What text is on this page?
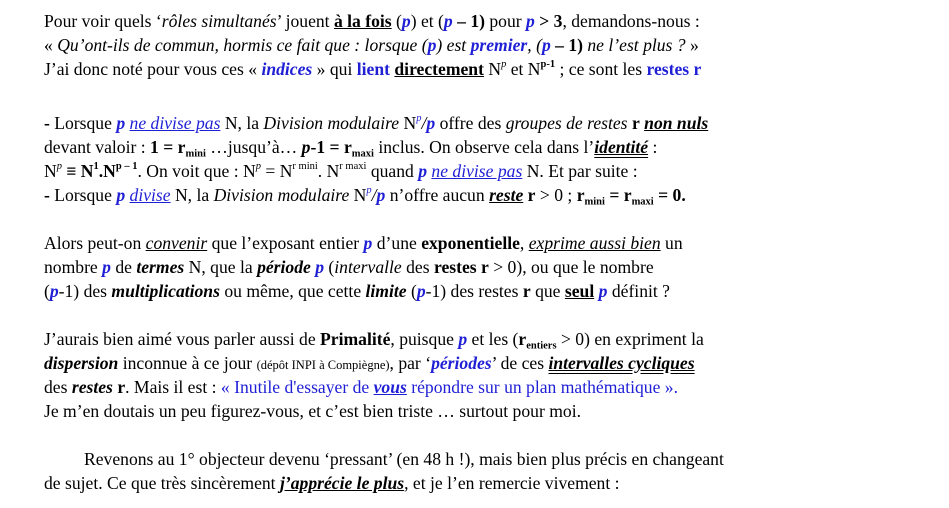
Pour voir quels ‘rôles simultanés’ jouent à la fois (p) et (p – 1) pour p > 3, demandons-nous :
« Qu’ont-ils de commun, hormis ce fait que : lorsque (p) est premier, (p – 1) ne l’est plus ? »
J’ai donc noté pour vous ces « indices » qui lient directement $N^p$ et $N^{p-1}$ ; ce sont les restes r
- Lorsque p ne divise pas N, la Division modulaire $N^p/p$ offre des groupes de restes r non nuls
devant valoir : $1 = r_{mini}$ …jusqu’à… $p-1 = r_{maxi}$ inclus. On observe cela dans l’identité :
$N^p \equiv N^1.N^{p - 1}$. On voit que : $N^p = N^{r mini}$. $N^{r maxi}$ quand p ne divise pas N. Et par suite :
- Lorsque p divise N, la Division modulaire $N^p/p$ n’offre aucun reste r > 0 ; $r_{mini} = r_{maxi} = 0$.
Alors peut-on convenir que l’exposant entier p d’une exponentielle, exprime aussi bien un
nombre p de termes N, que la période p (intervalle des restes r > 0), ou que le nombre
(p-1) des multiplications ou même, que cette limite (p-1) des restes r que seul p définit ?
J’aurais bien aimé vous parler aussi de Primalité, puisque p et les $(r_{entiers} > 0)$ en expriment la
dispersion inconnue à ce jour (dépôt INPI à Compiègne), par ‘périodes’ de ces intervalles cycliques
des restes r. Mais il est : « Inutile d'essayer de vous répondre sur un plan mathématique ».
Je m’en doutais un peu figurez-vous, et c’est bien triste … surtout pour moi.
Revenons au 1° objecteur devenu ‘pressant’ (en 48 h !), mais bien plus précis en changeant
de sujet. Ce que très sincèrement j’apprécie le plus, et je l’en remercie vivement :
